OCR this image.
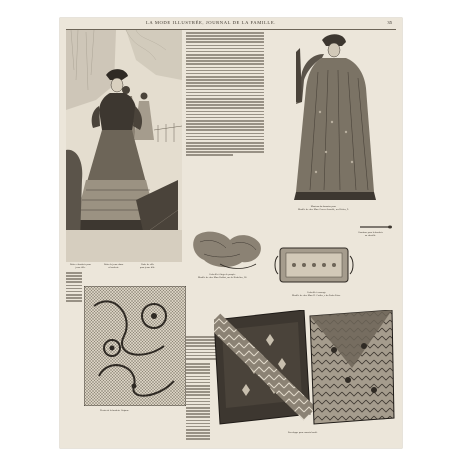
LA MODE ILLUSTRÉE, JOURNAL DE LA FAMILLE.	35
Robe et broderie pour
jeune fille.
Robe de jeune dame
et broderie.
Robe de ville
pour jeune fille.
Dessin de la broderie Guipure.
Manteau du domaine pour
Modèle de chez Mme Guerre-Lassalle, rue Richer, 9.
Garniture pour la broderie
au chenille.
Corbeille à linge de poupée.
Modèle de chez Mme Roblot, rue de Richelieu, 38.
Corbeille à ouvrage
Modèle de chez Mme H. Carlier, r. du Faub.-Poiss.
Enveloppe pour coussin brodé.
